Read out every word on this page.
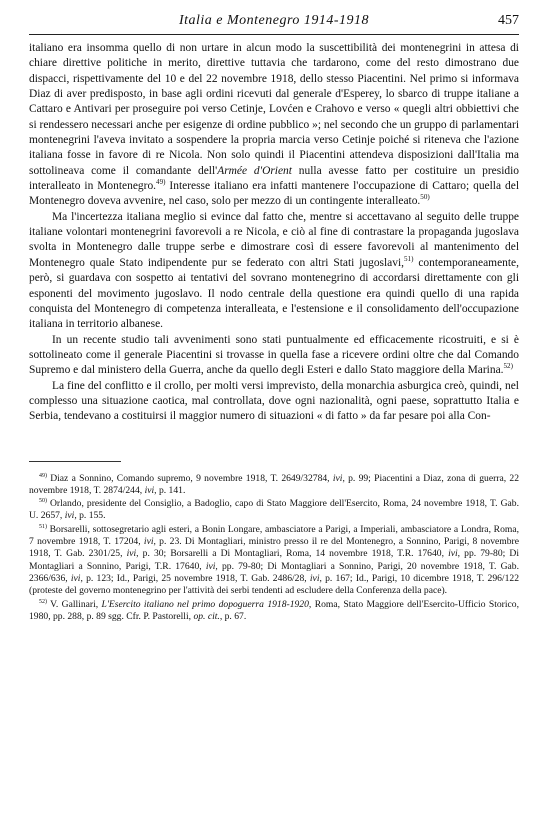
Italia e Montenegro 1914-1918	457

italiano era insomma quello di non urtare in alcun modo la suscettibilità dei montenegrini in attesa di chiare direttive politiche in merito, direttive tuttavia che tardarono, come del resto dimostrano due dispacci, rispettivamente del 10 e del 22 novembre 1918, dello stesso Piacentini. Nel primo si informava Diaz di aver predisposto, in base agli ordini ricevuti dal generale d'Esperey, lo sbarco di truppe italiane a Cattaro e Antivari per proseguire poi verso Cetinje, Lovćen e Crahovo e verso « quegli altri obbiettivi che si rendessero necessari anche per esigenze di ordine pubblico »; nel secondo che un gruppo di parlamentari montenegrini l'aveva invitato a sospendere la propria marcia verso Cetinje poiché si riteneva che l'azione italiana fosse in favore di re Nicola. Non solo quindi il Piacentini attendeva disposizioni dall'Italia ma sottolineava come il comandante dell'Armée d'Orient nulla avesse fatto per costituire un presidio interalleato in Montenegro.$^{49)}$ Interesse italiano era infatti mantenere l'occupazione di Cattaro; quella del Montenegro doveva avvenire, nel caso, solo per mezzo di un contingente interalleato.$^{50)}$

Ma l'incertezza italiana meglio si evince dal fatto che, mentre si accettavano al seguito delle truppe italiane volontari montenegrini favorevoli a re Nicola, e ciò al fine di contrastare la propaganda jugoslava svolta in Montenegro dalle truppe serbe e dimostrare così di essere favorevoli al mantenimento del Montenegro quale Stato indipendente pur se federato con altri Stati jugoslavi,$^{51)}$ contemporaneamente, però, si guardava con sospetto ai tentativi del sovrano montenegrino di accordarsi direttamente con gli esponenti del movimento jugoslavo. Il nodo centrale della questione era quindi quello di una rapida conquista del Montenegro di competenza interalleata, e l'estensione e il consolidamento dell'occupazione italiana in territorio albanese.

In un recente studio tali avvenimenti sono stati puntualmente ed efficacemente ricostruiti, e si è sottolineato come il generale Piacentini si trovasse in quella fase a ricevere ordini oltre che dal Comando Supremo e dal ministero della Guerra, anche da quello degli Esteri e dallo Stato maggiore della Marina.$^{52)}$

La fine del conflitto e il crollo, per molti versi imprevisto, della monarchia asburgica creò, quindi, nel complesso una situazione caotica, mal controllata, dove ogni nazionalità, ogni paese, soprattutto Italia e Serbia, tendevano a costituirsi il maggior numero di situazioni « di fatto » da far pesare poi alla Con-

$^{49)}$ Diaz a Sonnino, Comando supremo, 9 novembre 1918, T. 2649/32784, ivi, p. 99; Piacentini a Diaz, zona di guerra, 22 novembre 1918, T. 2874/244, ivi, p. 141.

$^{50)}$ Orlando, presidente del Consiglio, a Badoglio, capo di Stato Maggiore dell'Esercito, Roma, 24 novembre 1918, T. Gab. U. 2657, ivi, p. 155.

$^{51)}$ Borsarelli, sottosegretario agli esteri, a Bonin Longare, ambasciatore a Parigi, a Imperiali, ambasciatore a Londra, Roma, 7 novembre 1918, T. 17204, ivi, p. 23. Di Montagliari, ministro presso il re del Montenegro, a Sonnino, Parigi, 8 novembre 1918, T. Gab. 2301/25, ivi, p. 30; Borsarelli a Di Montagliari, Roma, 14 novembre 1918, T.R. 17640, ivi, pp. 79-80; Di Montagliari a Sonnino, Parigi, T.R. 17640, ivi, pp. 79-80; Di Montagliari a Sonnino, Parigi, 20 novembre 1918, T. Gab. 2366/636, ivi, p. 123; Id., Parigi, 25 novembre 1918, T. Gab. 2486/28, ivi, p. 167; Id., Parigi, 10 dicembre 1918, T. 296/122 (proteste del governo montenegrino per l'attività dei serbi tendenti ad escludere della Conferenza della pace).

$^{52)}$ V. Gallinari, L'Esercito italiano nel primo dopoguerra 1918-1920, Roma, Stato Maggiore dell'Esercito-Ufficio Storico, 1980, pp. 288, p. 89 sgg. Cfr. P. Pastorelli, op. cit., p. 67.
